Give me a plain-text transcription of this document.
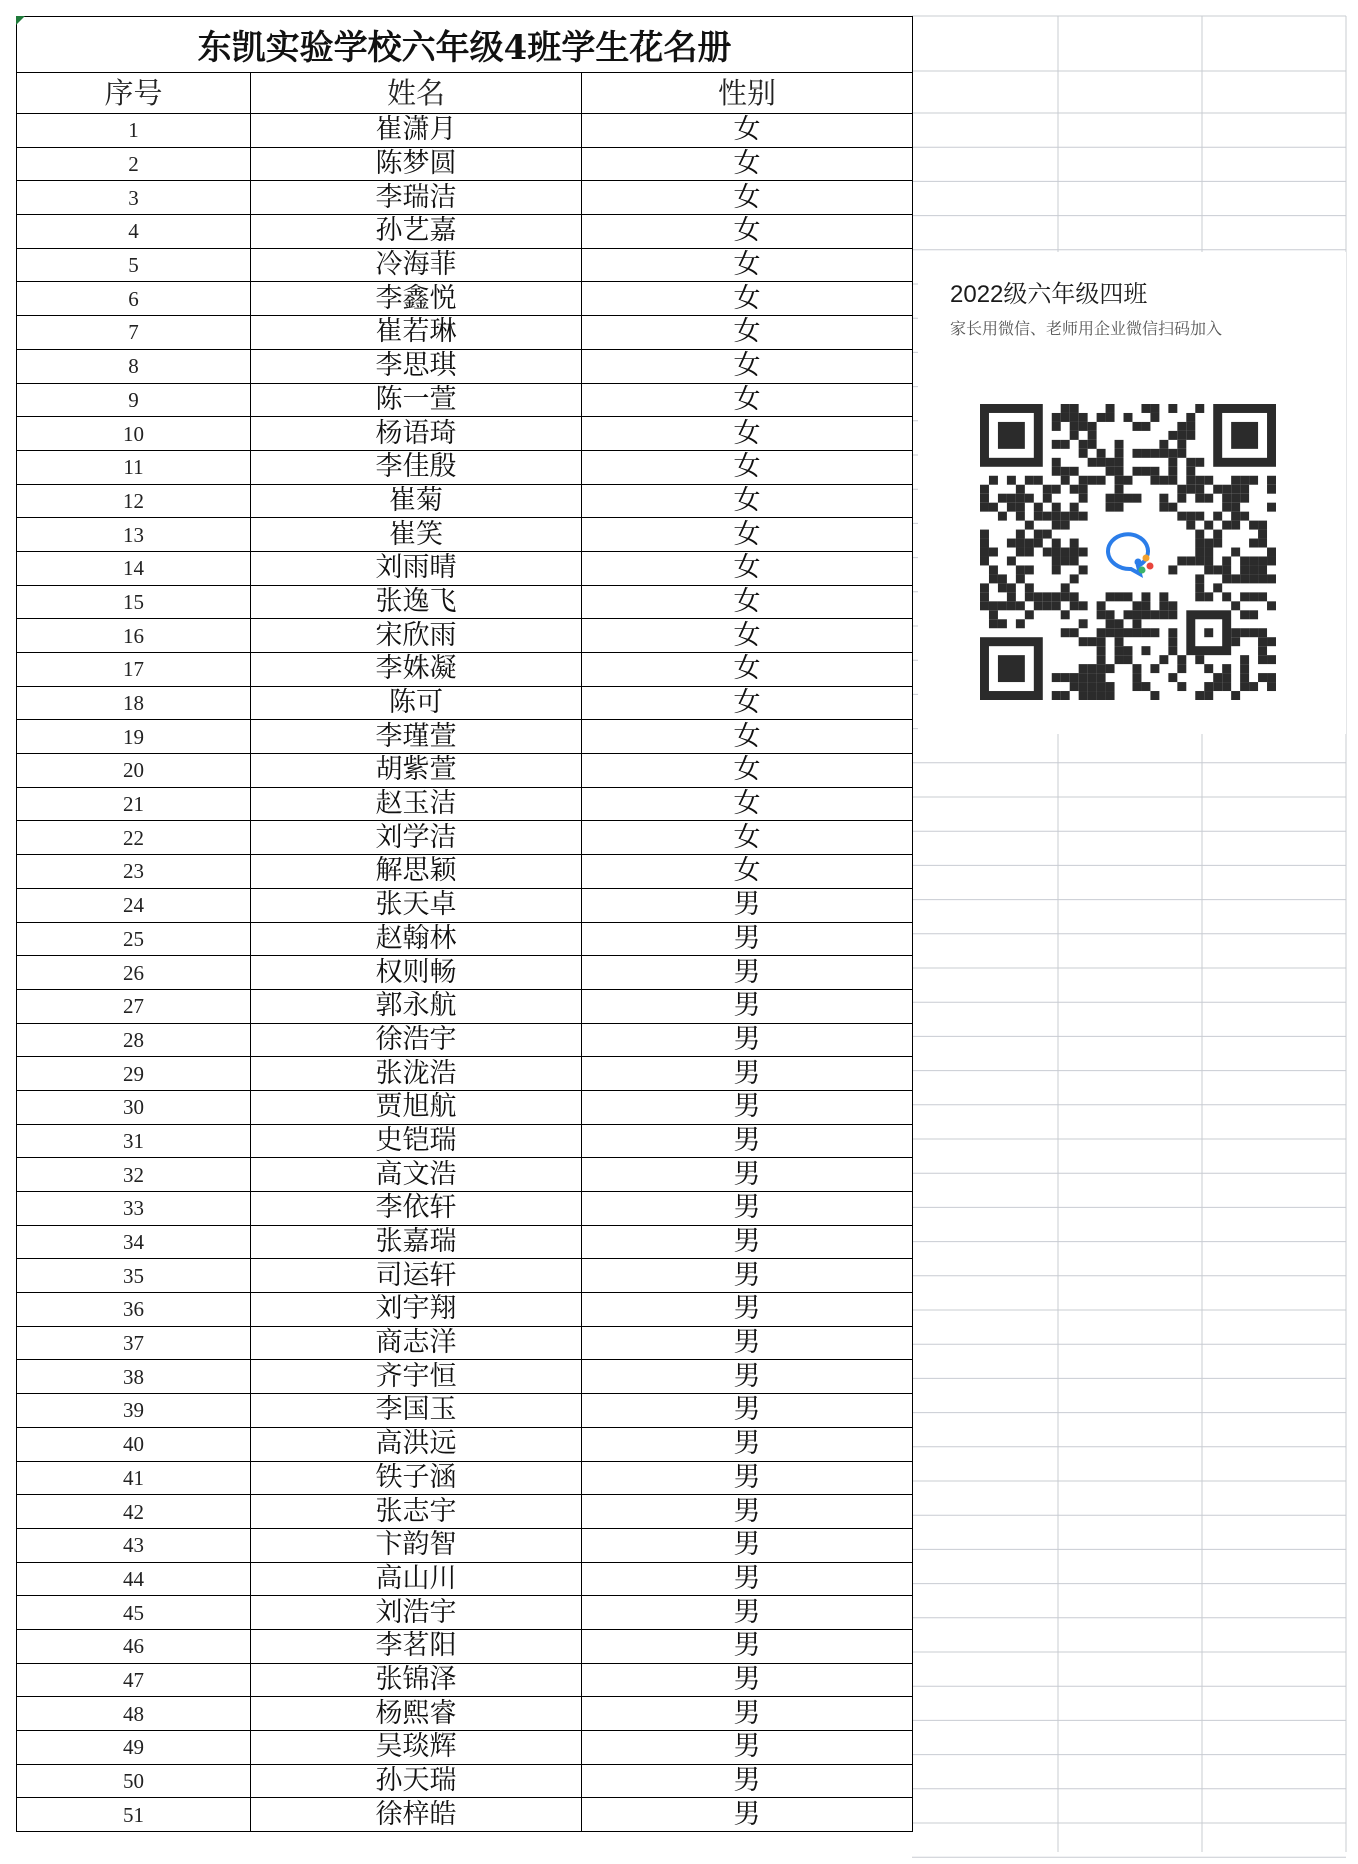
东凯实验学校六年级4班学生花名册		
序号	姓名	性别
1	崔潇月	女
2	陈梦圆	女
3	李瑞洁	女
4	孙艺嘉	女
5	冷海菲	女
6	李鑫悦	女
7	崔若琳	女
8	李思琪	女
9	陈一萱	女
10	杨语琦	女
11	李佳殷	女
12	崔菊	女
13	崔笑	女
14	刘雨晴	女
15	张逸飞	女
16	宋欣雨	女
17	李姝凝	女
18	陈可	女
19	李瑾萱	女
20	胡紫萱	女
21	赵玉洁	女
22	刘学洁	女
23	解思颖	女
24	张天卓	男
25	赵翰林	男
26	权则畅	男
27	郭永航	男
28	徐浩宇	男
29	张泷浩	男
30	贾旭航	男
31	史铠瑞	男
32	高文浩	男
33	李依轩	男
34	张嘉瑞	男
35	司运轩	男
36	刘宇翔	男
37	商志洋	男
38	齐宇恒	男
39	李国玉	男
40	高洪远	男
41	铁子涵	男
42	张志宇	男
43	卞韵智	男
44	高山川	男
45	刘浩宇	男
46	李茗阳	男
47	张锦泽	男
48	杨熙睿	男
49	吴琰辉	男
50	孙天瑞	男
51	徐梓皓	男
2022级六年级四班
家长用微信、老师用企业微信扫码加入
